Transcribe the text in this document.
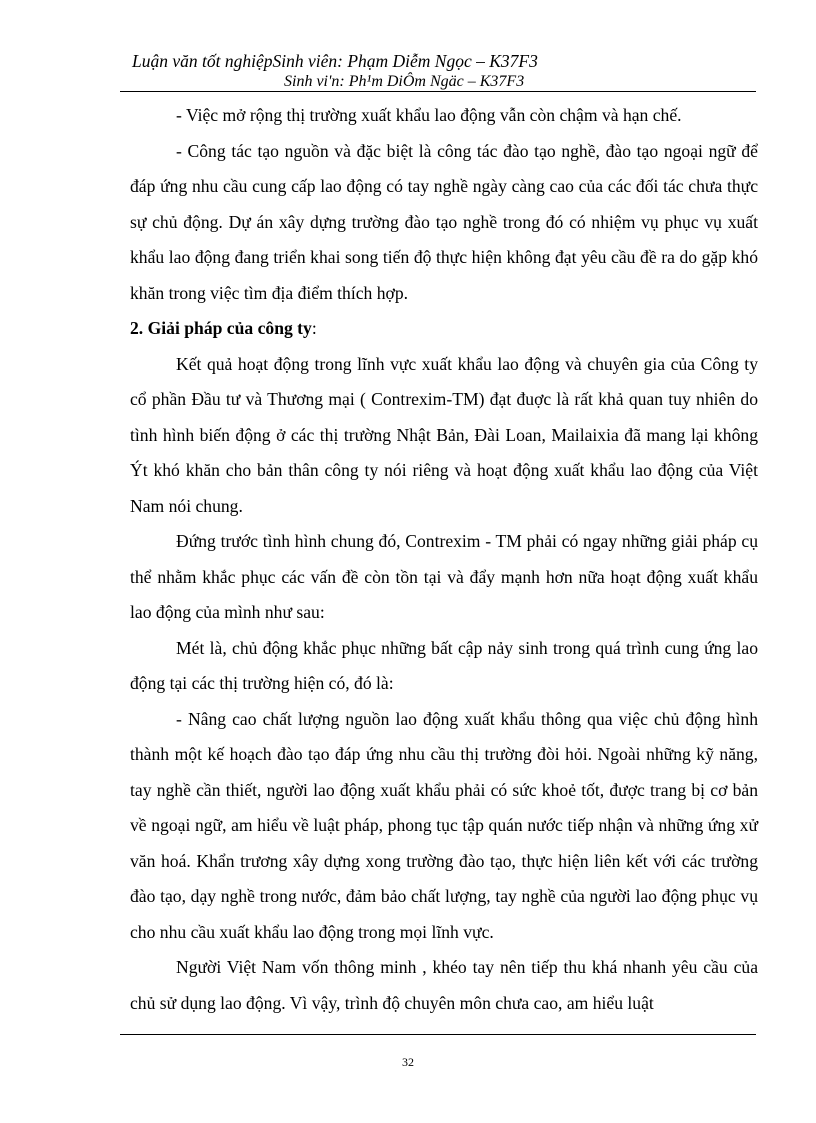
Luận văn tốt nghiệpSinh viên: Phạm Diễm Ngọc – K37F3
Sinh vi'n: Ph¹m DiÔm Ngäc – K37F3

- Việc mở rộng thị trường xuất khẩu lao động vẫn còn chậm và hạn chế.

- Công tác tạo nguồn và đặc biệt là công tác đào tạo nghề, đào tạo ngoại ngữ để đáp ứng nhu cầu cung cấp lao động có tay nghề ngày càng cao của các đối tác chưa thực sự chủ động. Dự án xây dựng trường đào tạo nghề trong đó có nhiệm vụ phục vụ xuất khẩu lao động đang triển khai song tiến độ thực hiện không đạt yêu cầu đề ra do gặp khó khăn trong việc tìm địa điểm thích hợp.

2. Giải pháp của công ty:

Kết quả hoạt động trong lĩnh vực xuất khẩu lao động và chuyên gia của Công ty cổ phần Đầu tư và Thương mại ( Contrexim-TM) đạt đuợc là rất khả quan tuy nhiên do tình hình biến động ở các thị trường Nhật Bản, Đài Loan, Mailaixia đã mang lại không Ýt khó khăn cho bản thân công ty nói riêng và hoạt động xuất khẩu lao động của Việt Nam nói chung.

Đứng trước tình hình chung đó, Contrexim - TM phải có ngay những giải pháp cụ thể nhằm khắc phục các vấn đề còn tồn tại và đẩy mạnh hơn nữa hoạt động xuất khẩu lao động của mình như sau:

Mét là, chủ động khắc phục những bất cập nảy sinh trong quá trình cung ứng lao động tại các thị trường hiện có, đó là:

- Nâng cao chất lượng nguồn lao động xuất khẩu thông qua việc chủ động hình thành một kế hoạch đào tạo đáp ứng nhu cầu thị trường đòi hỏi. Ngoài những kỹ năng, tay nghề cần thiết, người lao động xuất khẩu phải có sức khoẻ tốt, được trang bị cơ bản về ngoại ngữ, am hiểu về luật pháp, phong tục tập quán nước tiếp nhận và những ứng xử văn hoá. Khẩn trương xây dựng xong trường đào tạo, thực hiện liên kết với các trường đào tạo, dạy nghề trong nước, đảm bảo chất lượng, tay nghề của người lao động phục vụ cho nhu cầu xuất khẩu lao động trong mọi lĩnh vực.

Người Việt Nam vốn thông minh , khéo tay nên tiếp thu khá nhanh yêu cầu của chủ sử dụng lao động. Vì vậy, trình độ chuyên môn chưa cao, am hiểu luật

32
